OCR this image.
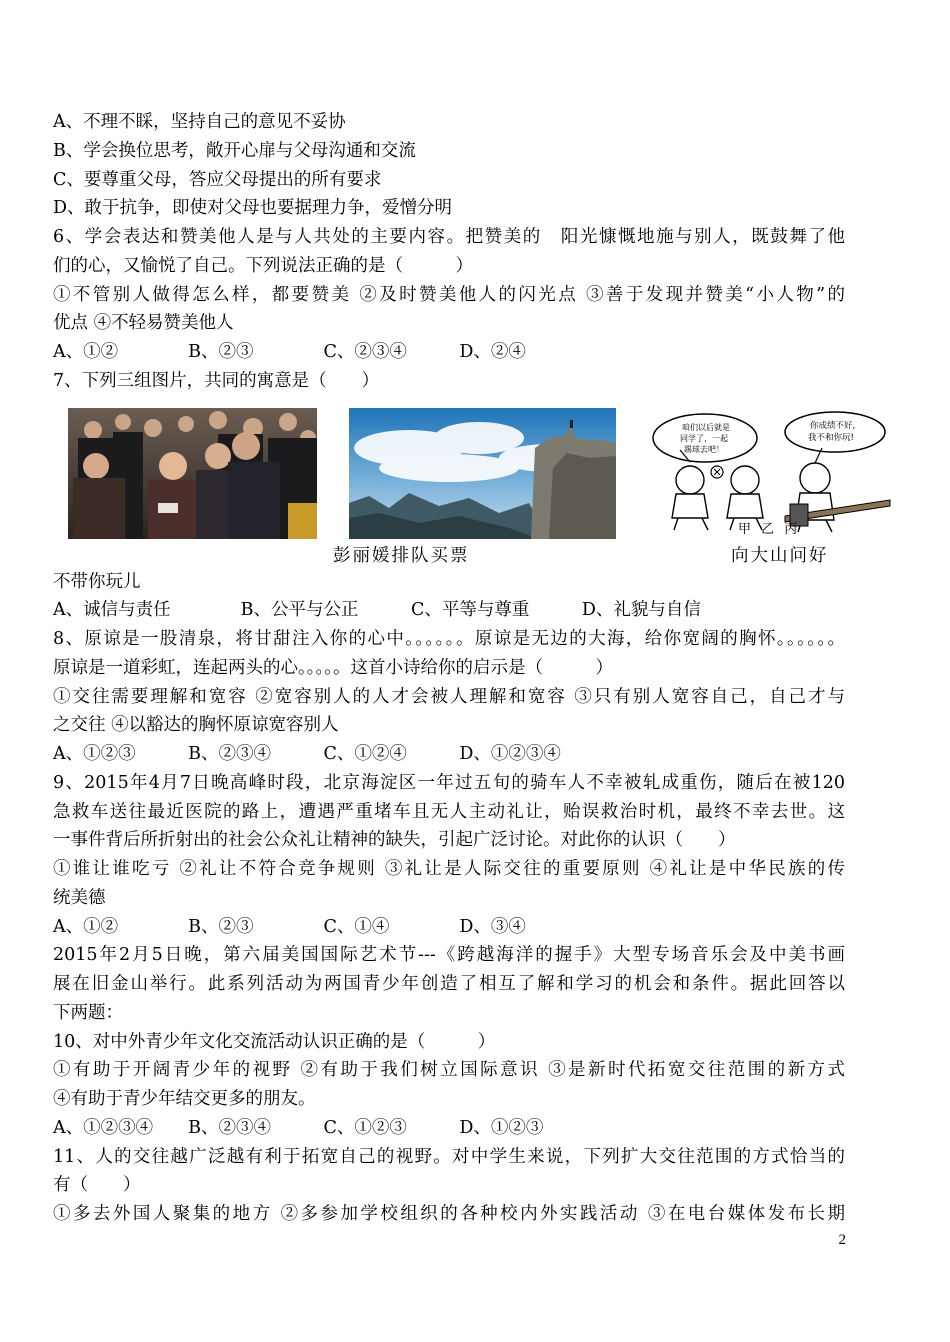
A、不理不睬，坚持自己的意见不妥协
B、学会换位思考，敞开心扉与父母沟通和交流
C、要尊重父母，答应父母提出的所有要求
D、敢于抗争，即使对父母也要据理力争，爱憎分明
6、学会表达和赞美他人是与人共处的主要内容。把赞美的　阳光慷慨地施与别人，既鼓舞了他
们的心，又愉悦了自己。下列说法正确的是（　　　）
①不管别人做得怎么样，都要赞美 ②及时赞美他人的闪光点 ③善于发现并赞美“小人物”的
优点 ④不轻易赞美他人
A、①②　　　　B、②③　　　　C、②③④　　　D、②④
7、下列三组图片，共同的寓意是（　　）
咱们以后就是
同学了，一起
踢球去吧！
你成绩不好,
我不和你玩!
甲 乙 丙
彭丽媛排队买票	向大山问好
不带你玩儿
A、诚信与责任　　　　B、公平与公正　　　C、平等与尊重　　　D、礼貌与自信
8、原谅是一股清泉，将甘甜注入你的心中。。。。。。原谅是无边的大海，给你宽阔的胸怀。。。。。。
原谅是一道彩虹，连起两头的心。。。。。这首小诗给你的启示是（　　　）
①交往需要理解和宽容 ②宽容别人的人才会被人理解和宽容 ③只有别人宽容自己，自己才与
之交往 ④以豁达的胸怀原谅宽容别人
A、①②③　　　B、②③④　　　C、①②④　　　D、①②③④
9、2015年4月7日晚高峰时段，北京海淀区一年过五旬的骑车人不幸被轧成重伤，随后在被120
急救车送往最近医院的路上，遭遇严重堵车且无人主动礼让，贻误救治时机，最终不幸去世。这
一事件背后所折射出的社会公众礼让精神的缺失，引起广泛讨论。对此你的认识（　　）
①谁让谁吃亏 ②礼让不符合竞争规则 ③礼让是人际交往的重要原则 ④礼让是中华民族的传
统美德
A、①②　　　　B、②③　　　　C、①④　　　　D、③④
2015年2月5日晚，第六届美国国际艺术节---《跨越海洋的握手》大型专场音乐会及中美书画
展在旧金山举行。此系列活动为两国青少年创造了相互了解和学习的机会和条件。据此回答以
下两题：
10、对中外青少年文化交流活动认识正确的是（　　　）
①有助于开阔青少年的视野 ②有助于我们树立国际意识 ③是新时代拓宽交往范围的新方式
④有助于青少年结交更多的朋友。
A、①②③④　　B、②③④　　　C、①②③　　　D、①②③
11、人的交往越广泛越有利于拓宽自己的视野。对中学生来说，下列扩大交往范围的方式恰当的
有（　　）
①多去外国人聚集的地方 ②多参加学校组织的各种校内外实践活动 ③在电台媒体发布长期
2
